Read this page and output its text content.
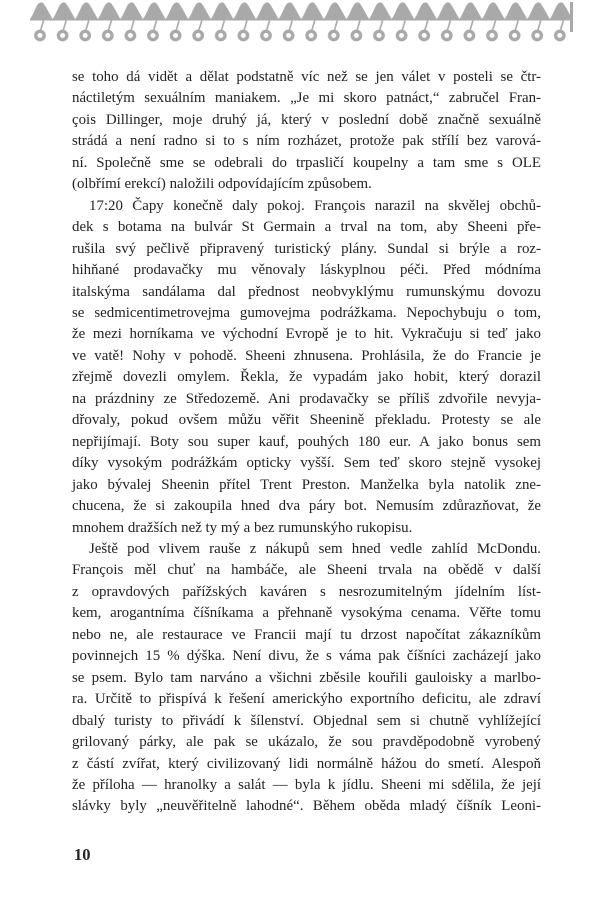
se toho dá vidět a dělat podstatně víc než se jen válet v posteli se čtr-
náctiletým sexuálním maniakem. „Je mi skoro patnáct,“ zabručel Fran-
çois Dillinger, moje druhý já, který v poslední době značně sexuálně
strádá a není radno si to s ním rozházet, protože pak střílí bez varová-
ní. Společně sme se odebrali do trpasličí koupelny a tam sme s OLE
(olbřímí erekcí) naložili odpovídajícím způsobem.
17:20 Čapy konečně daly pokoj. François narazil na skvělej obchů-
dek s botama na bulvár St Germain a trval na tom, aby Sheeni pře-
rušila svý pečlivě připravený turistický plány. Sundal si brýle a roz-
hihňané prodavačky mu věnovaly láskyplnou péči. Před módníma
italskýma sandálama dal přednost neobvyklýmu rumunskýmu dovozu
se sedmicentimetrovejma gumovejma podrážkama. Nepochybuju o tom,
že mezi horníkama ve východní Evropě je to hit. Vykračuju si teď jako
ve vatě! Nohy v pohodě. Sheeni zhnusena. Prohlásila, že do Francie je
zřejmě dovezli omylem. Řekla, že vypadám jako hobit, který dorazil
na prázdniny ze Středozemě. Ani prodavačky se příliš zdvořile nevyja-
dřovaly, pokud ovšem můžu věřit Sheenině překladu. Protesty se ale
nepřijímají. Boty sou super kauf, pouhých 180 eur. A jako bonus sem
díky vysokým podrážkám opticky vyšší. Sem teď skoro stejně vysokej
jako bývalej Sheenin přítel Trent Preston. Manželka byla natolik zne-
chucena, že si zakoupila hned dva páry bot. Nemusím zdůrazňovat, že
mnohem dražších než ty mý a bez rumunskýho rukopisu.
Ještě pod vlivem rauše z nákupů sem hned vedle zahlíd McDondu.
François měl chuť na hambáče, ale Sheeni trvala na obědě v další
z opravdových pařížských kaváren s nesrozumitelným jídelním líst-
kem, arogantníma číšníkama a přehnaně vysokýma cenama. Věřte tomu
nebo ne, ale restaurace ve Francii mají tu drzost napočítat zákazníkům
povinnejch 15 % dýška. Není divu, že s váma pak číšníci zacházejí jako
se psem. Bylo tam narváno a všichni zběsile kouřili gauloisky a marlbo-
ra. Určitě to přispívá k řešení americkýho exportního deficitu, ale zdraví
dbalý turisty to přivádí k šílenství. Objednal sem si chutně vyhlížející
grilovaný párky, ale pak se ukázalo, že sou pravděpodobně vyrobený
z částí zvířat, který civilizovaný lidi normálně hážou do smetí. Alespoň
že příloha — hranolky a salát — byla k jídlu. Sheeni mi sdělila, že její
slávky byly „neuvěřitelně lahodné“. Během oběda mladý číšník Leoni-
10
